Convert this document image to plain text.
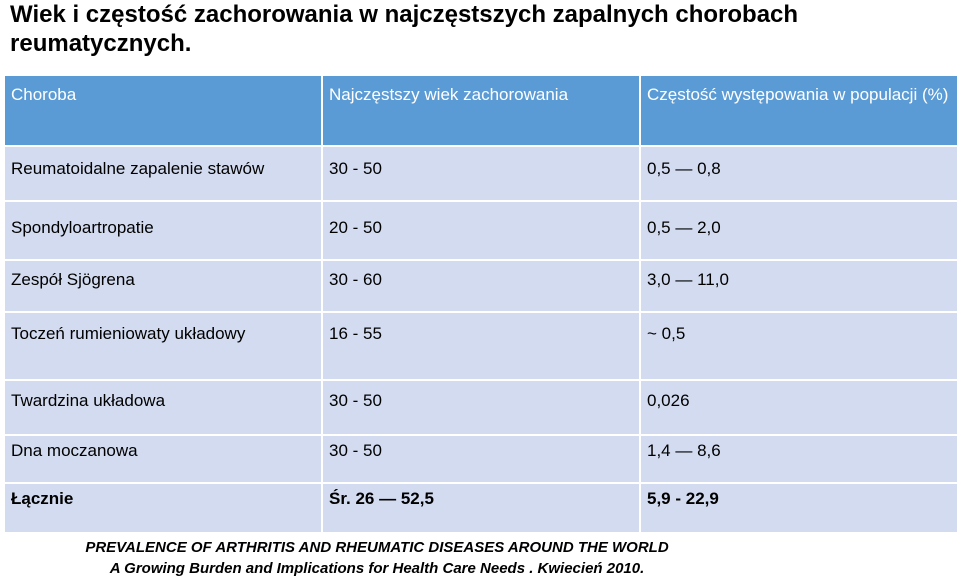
Wiek i częstość zachorowania w najczęstszych zapalnych chorobach reumatycznych.
Choroba	Najczęstszy wiek zachorowania	Częstość występowania w populacji (%)
Reumatoidalne zapalenie stawów	30 - 50	0,5 — 0,8
Spondyloartropatie	20 - 50	0,5 — 2,0
Zespół Sjögrena	30 - 60	3,0 — 11,0
Toczeń rumieniowaty układowy	16 - 55	~ 0,5
Twardzina układowa	30 - 50	0,026
Dna moczanowa	30 - 50	1,4 — 8,6
Łącznie	Śr. 26 — 52,5	5,9 - 22,9
PREVALENCE OF ARTHRITIS AND RHEUMATIC DISEASES AROUND THE WORLD
A Growing Burden and Implications for Health Care Needs . Kwiecień 2010.
